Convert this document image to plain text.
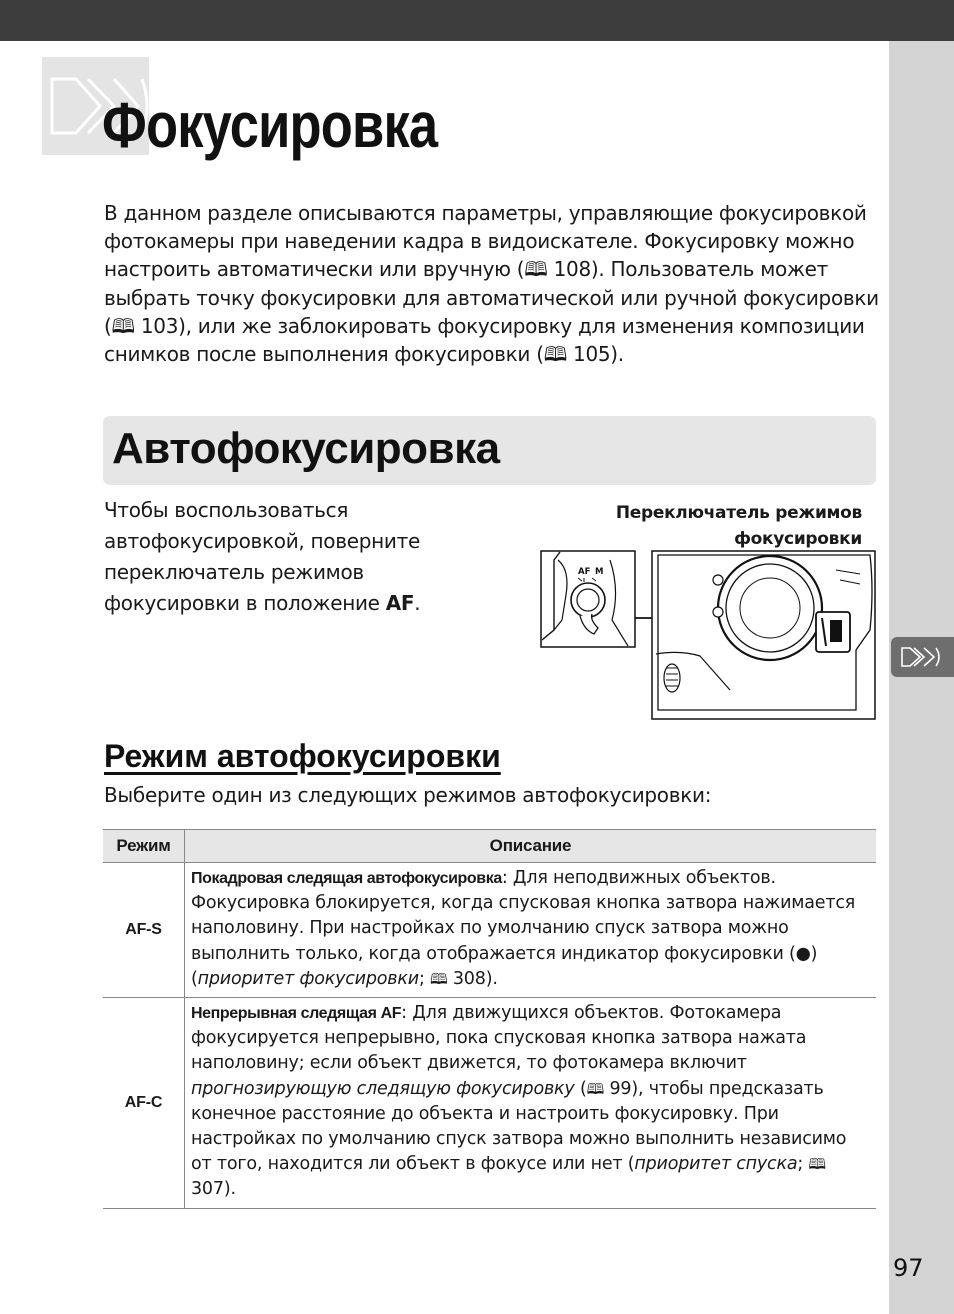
Фокусировка

В данном разделе описываются параметры, управляющие фокусировкой фотокамеры при наведении кадра в видоискателе. Фокусировку можно настроить автоматически или вручную (🕮 108). Пользователь может выбрать точку фокусировки для автоматической или ручной фокусировки (🕮 103), или же заблокировать фокусировку для изменения композиции снимков после выполнения фокусировки (🕮 105).

Автофокусировка

Чтобы воспользоваться автофокусировкой, поверните переключатель режимов фокусировки в положение AF.

Переключатель режимов фокусировки

AF M
Режим автофокусировки

Выберите один из следующих режимов автофокусировки:

Режим	Описание
AF-S	Покадровая следящая автофокусировка: Для неподвижных объектов. Фокусировка блокируется, когда спусковая кнопка затвора нажимается наполовину. При настройках по умолчанию спуск затвора можно выполнить только, когда отображается индикатор фокусировки (●) (приоритет фокусировки; 🕮 308).
AF-C	Непрерывная следящая AF: Для движущихся объектов. Фотокамера фокусируется непрерывно, пока спусковая кнопка затвора нажата наполовину; если объект движется, то фотокамера включит прогнозирующую следящую фокусировку (🕮 99), чтобы предсказать конечное расстояние до объекта и настроить фокусировку. При настройках по умолчанию спуск затвора можно выполнить независимо от того, находится ли объект в фокусе или нет (приоритет спуска; 🕮 307).

97
